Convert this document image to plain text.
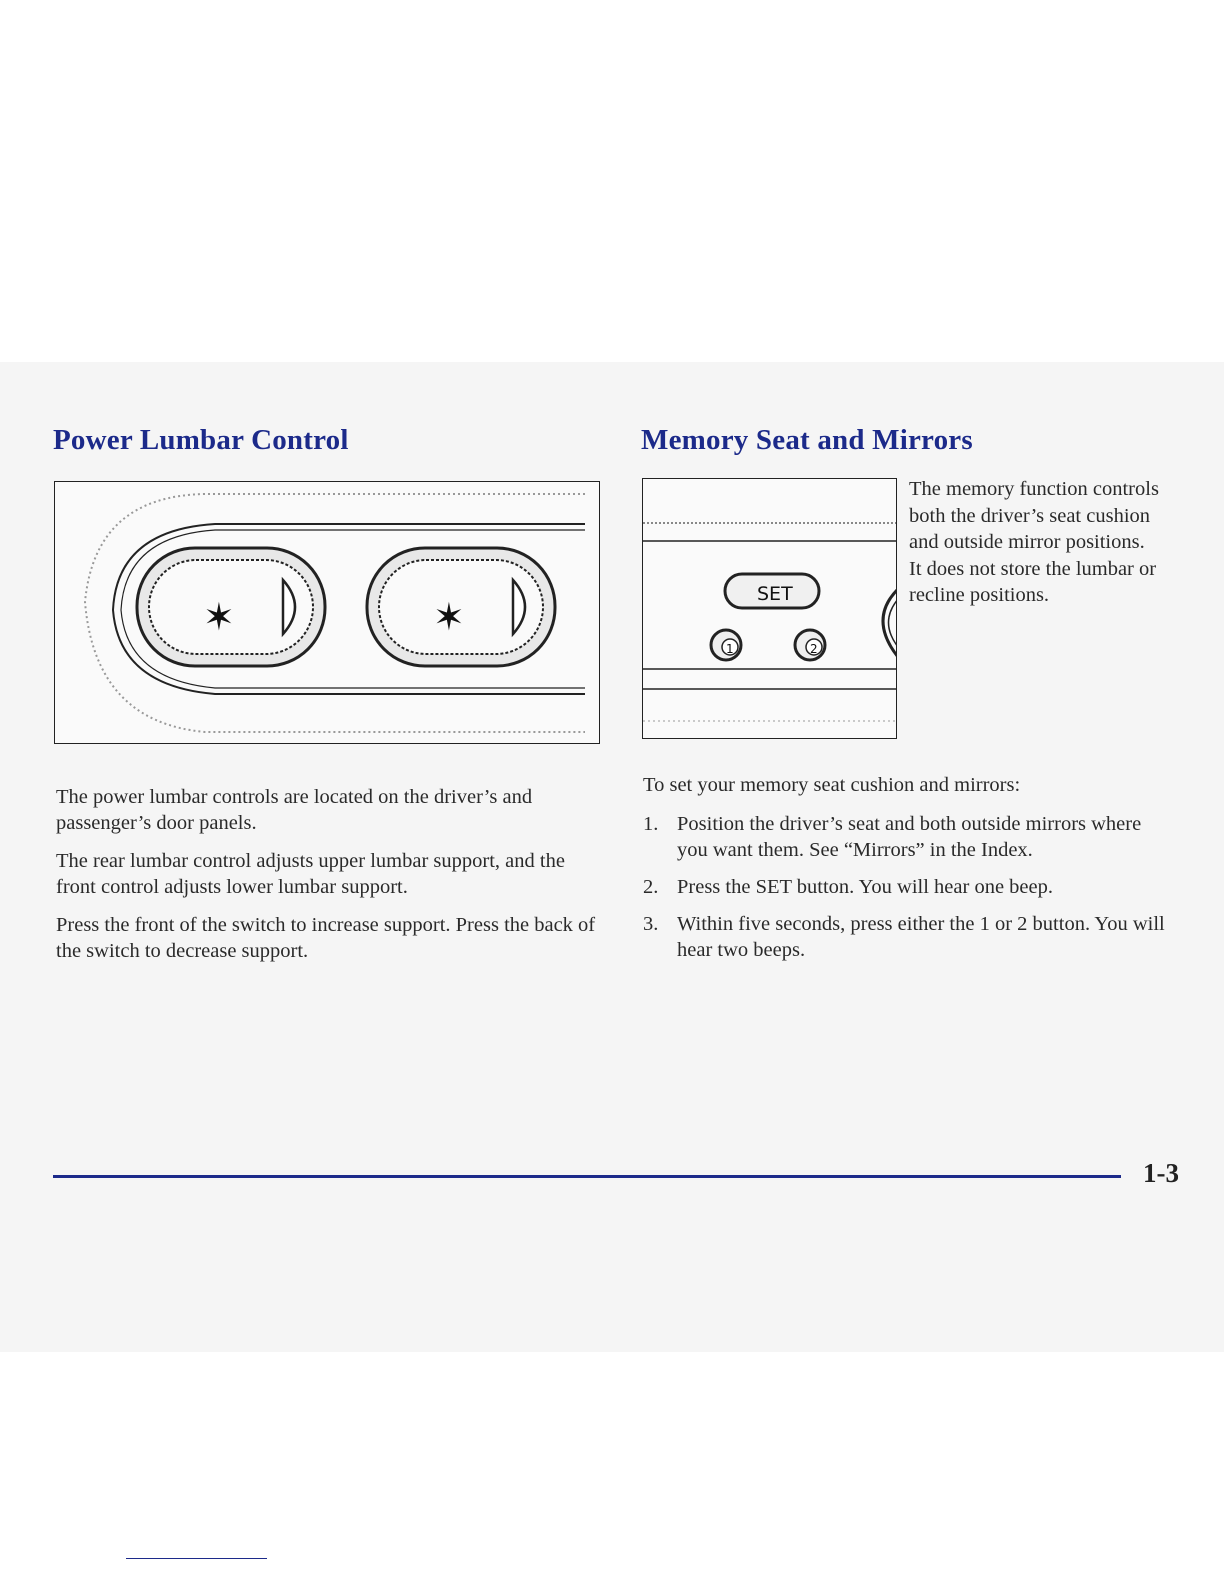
Power Lumbar Control
✶	✶

The power lumbar controls are located on the driver’s and passenger’s door panels.

The rear lumbar control adjusts upper lumbar support, and the front control adjusts lower lumbar support.

Press the front of the switch to increase support. Press the back of the switch to decrease support.

Memory Seat and Mirrors
SET
1	2
The memory function controls both the driver’s seat cushion and outside mirror positions. It does not store the lumbar or recline positions.
To set your memory seat cushion and mirrors:
1. Position the driver’s seat and both outside mirrors where you want them. See “Mirrors” in the Index.
2. Press the SET button. You will hear one beep.
3. Within five seconds, press either the 1 or 2 button. You will hear two beeps.
1-3
